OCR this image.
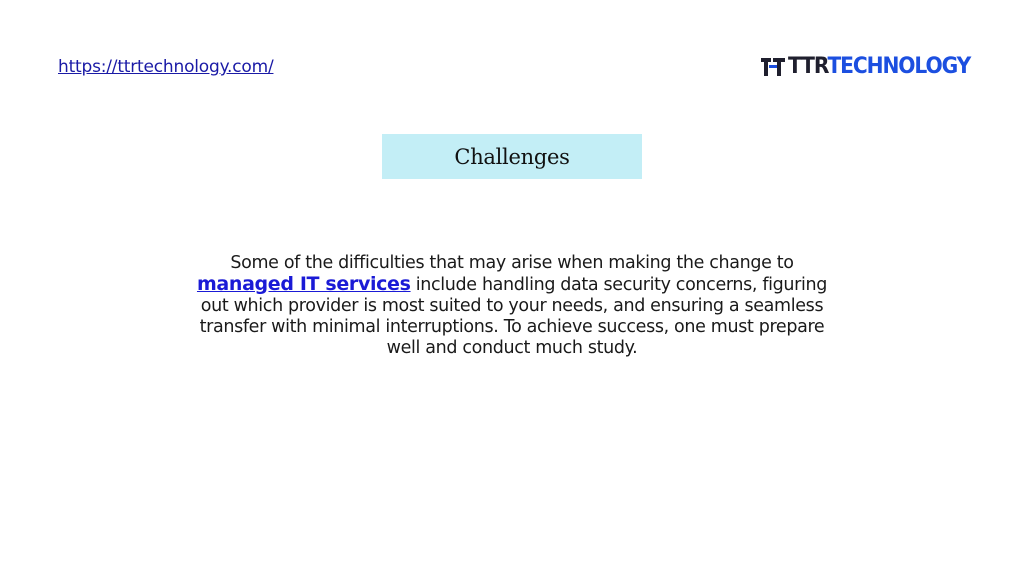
https://ttrtechnology.com/	TTRTECHNOLOGY
Challenges

Some of the difficulties that may arise when making the change to managed IT services include handling data security concerns, figuring out which provider is most suited to your needs, and ensuring a seamless transfer with minimal interruptions. To achieve success, one must prepare well and conduct much study.
